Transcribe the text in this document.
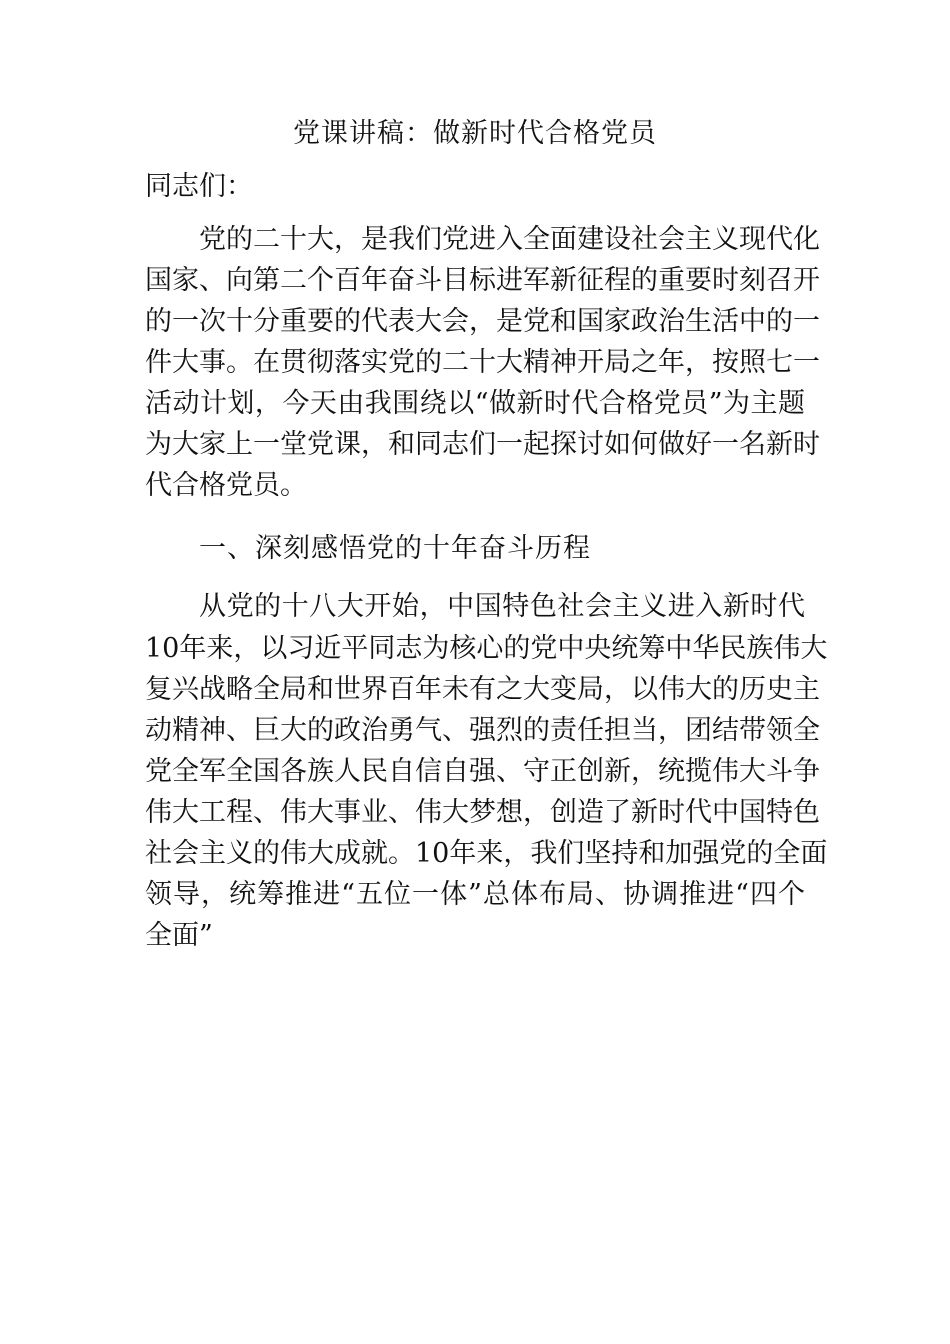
党课讲稿：做新时代合格党员
同志们：
党的二十大，是我们党进入全面建设社会主义现代化
国家、向第二个百年奋斗目标进军新征程的重要时刻召开
的一次十分重要的代表大会，是党和国家政治生活中的一
件大事。在贯彻落实党的二十大精神开局之年，按照七一
活动计划，今天由我围绕以“做新时代合格党员”为主题
为大家上一堂党课，和同志们一起探讨如何做好一名新时
代合格党员。
一、深刻感悟党的十年奋斗历程
从党的十八大开始，中国特色社会主义进入新时代
10年来，以习近平同志为核心的党中央统筹中华民族伟大
复兴战略全局和世界百年未有之大变局，以伟大的历史主
动精神、巨大的政治勇气、强烈的责任担当，团结带领全
党全军全国各族人民自信自强、守正创新，统揽伟大斗争
伟大工程、伟大事业、伟大梦想，创造了新时代中国特色
社会主义的伟大成就。10年来，我们坚持和加强党的全面
领导，统筹推进“五位一体”总体布局、协调推进“四个
全面”
